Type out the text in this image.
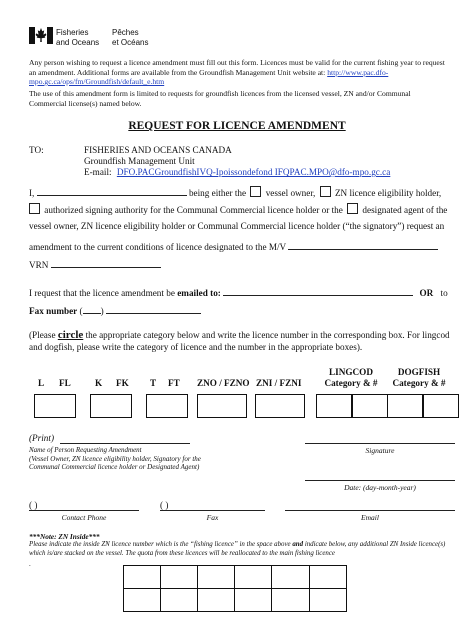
Fisheries
and Oceans
Pêches
et Océans
Any person wishing to request a licence amendment must fill out this form. Licences must be valid for the current fishing year to request an amendment. Additional forms are available from the Groundfish Management Unit website at: http://www.pac.dfo-mpo.gc.ca/ops/fm/Groundfish/default_e.htm
The use of this amendment form is limited to requests for groundfish licences from the licensed vessel, ZN and/or Communal Commercial license(s) named below.
REQUEST FOR LICENCE AMENDMENT
TO:	FISHERIES AND OCEANS CANADA
Groundfish Management Unit
E-mail: DFO.PACGroundfishIVQ-Ipoissondefond IFQPAC.MPO@dfo-mpo.gc.ca
I,	being either the vessel owner, ZN licence eligibility holder,
authorized signing authority for the Communal Commercial licence holder or the designated agent of the
vessel owner, ZN licence eligibility holder or Communal Commercial licence holder (“the signatory”) request an
amendment to the current conditions of licence designated to the M/V
VRN
I request that the licence amendment be emailed to:	OR to
Fax number ( )
(Please circle the appropriate category below and write the licence number in the corresponding box. For lingcod and dogfish, please write the category of licence and the number in the appropriate boxes).
LINGCOD
Category & #
DOGFISH
Category & #
L FL	K FK T FT ZNO / FZNO ZNI / FZNI
(Print)
Name of Person Requesting Amendment
(Vessel Owner, ZN licence eligibility holder, Signatory for the
Communal Commercial licence holder or Designated Agent)
Signature
Date: (day-month-year)
( )	( )
Contact Phone	Fax	Email
***Note: ZN Inside***
Please indicate the inside ZN licence number which is the “fishing licence” in the space above and indicate below, any additional ZN Inside licence(s) which is/are stacked on the vessel. The quota from these licences will be reallocated to the main fishing licence
.
